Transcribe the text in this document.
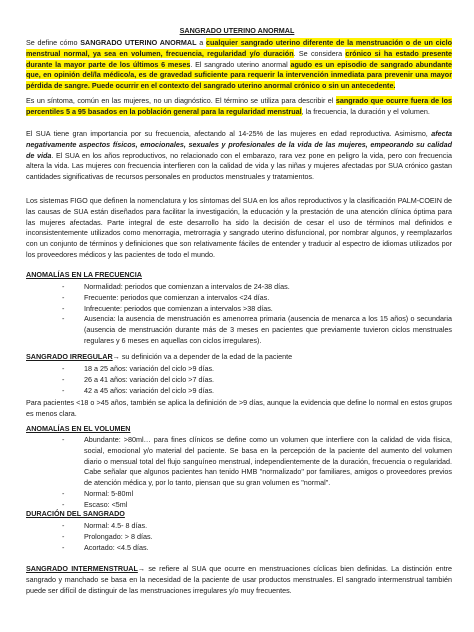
SANGRADO UTERINO ANORMAL
Se define cómo SANGRADO UTERINO ANORMAL a cualquier sangrado uterino diferente de la menstruación o de un ciclo menstrual normal, ya sea en volumen, frecuencia, regularidad y/o duración. Se considera crónico si ha estado presente durante la mayor parte de los últimos 6 meses. El sangrado uterino anormal agudo es un episodio de sangrado abundante que, en opinión del/la médico/a, es de gravedad suficiente para requerir la intervención inmediata para prevenir una mayor pérdida de sangre. Puede ocurrir en el contexto del sangrado uterino anormal crónico o sin un antecedente.
Es un síntoma, común en las mujeres, no un diagnóstico. El término se utiliza para describir el sangrado que ocurre fuera de los percentiles 5 a 95 basados en la población general para la regularidad menstrual, la frecuencia, la duración y el volumen.
El SUA tiene gran importancia por su frecuencia, afectando al 14-25% de las mujeres en edad reproductiva. Asimismo, afecta negativamente aspectos físicos, emocionales, sexuales y profesionales de la vida de las mujeres, empeorando su calidad de vida. El SUA en los años reproductivos, no relacionado con el embarazo, rara vez pone en peligro la vida, pero con frecuencia altera la vida. Las mujeres con frecuencia interfieren con la calidad de vida y las niñas y mujeres afectadas por SUA crónico gastan cantidades significativas de recursos personales en productos menstruales y tratamientos.
Los sistemas FIGO que definen la nomenclatura y los síntomas del SUA en los años reproductivos y la clasificación PALM-COEIN de las causas de SUA están diseñados para facilitar la investigación, la educación y la prestación de una atención clínica óptima para las mujeres afectadas. Parte integral de este desarrollo ha sido la decisión de cesar el uso de términos mal definidos e inconsistentemente utilizados como menorragia, metrorragia y sangrado uterino disfuncional, por nombrar algunos, y reemplazarlos con un conjunto de términos y definiciones que son relativamente fáciles de entender y traducir al espectro de idiomas utilizados por los proveedores médicos y las pacientes de todo el mundo.
ANOMALÍAS EN LA FRECUENCIA
- Normalidad: periodos que comienzan a intervalos de 24-38 días.
- Frecuente: periodos que comienzan a intervalos <24 días.
- Infrecuente: periodos que comienzan a intervalos >38 días.
- Ausencia: la ausencia de menstruación es amenorrea primaria (ausencia de menarca a los 15 años) o secundaria (ausencia de menstruación durante más de 3 meses en pacientes que previamente tuvieron ciclos menstruales regulares y 6 meses en aquellas con ciclos irregulares).
SANGRADO IRREGULAR→ su definición va a depender de la edad de la paciente
- 18 a 25 años: variación del ciclo >9 días.
- 26 a 41 años: variación del ciclo >7 días.
- 42 a 45 años: variación del ciclo >9 días.
Para pacientes <18 o >45 años, también se aplica la definición de >9 días, aunque la evidencia que define lo normal en estos grupos es menos clara.
ANOMALÍAS EN EL VOLUMEN
- Abundante: >80ml… para fines clínicos se define como un volumen que interfiere con la calidad de vida física, social, emocional y/o material del paciente. Se basa en la percepción de la paciente del aumento del volumen diario o mensual total del flujo sanguíneo menstrual, independientemente de la duración, frecuencia o regularidad. Cabe señalar que algunos pacientes han tenido HMB "normalizado" por familiares, amigos o proveedores previos de atención médica y, por lo tanto, piensan que su gran volumen es "normal".
- Normal: 5-80ml
- Escaso: <5ml
DURACIÓN DEL SANGRADO
- Normal: 4.5- 8 días.
- Prolongado: > 8 días.
- Acortado: <4.5 días.
SANGRADO INTERMENSTRUAL→ se refiere al SUA que ocurre en menstruaciones cíclicas bien definidas. La distinción entre sangrado y manchado se basa en la necesidad de la paciente de usar productos menstruales. El sangrado intermenstrual también puede ser difícil de distinguir de las menstruaciones irregulares y/o muy frecuentes.
